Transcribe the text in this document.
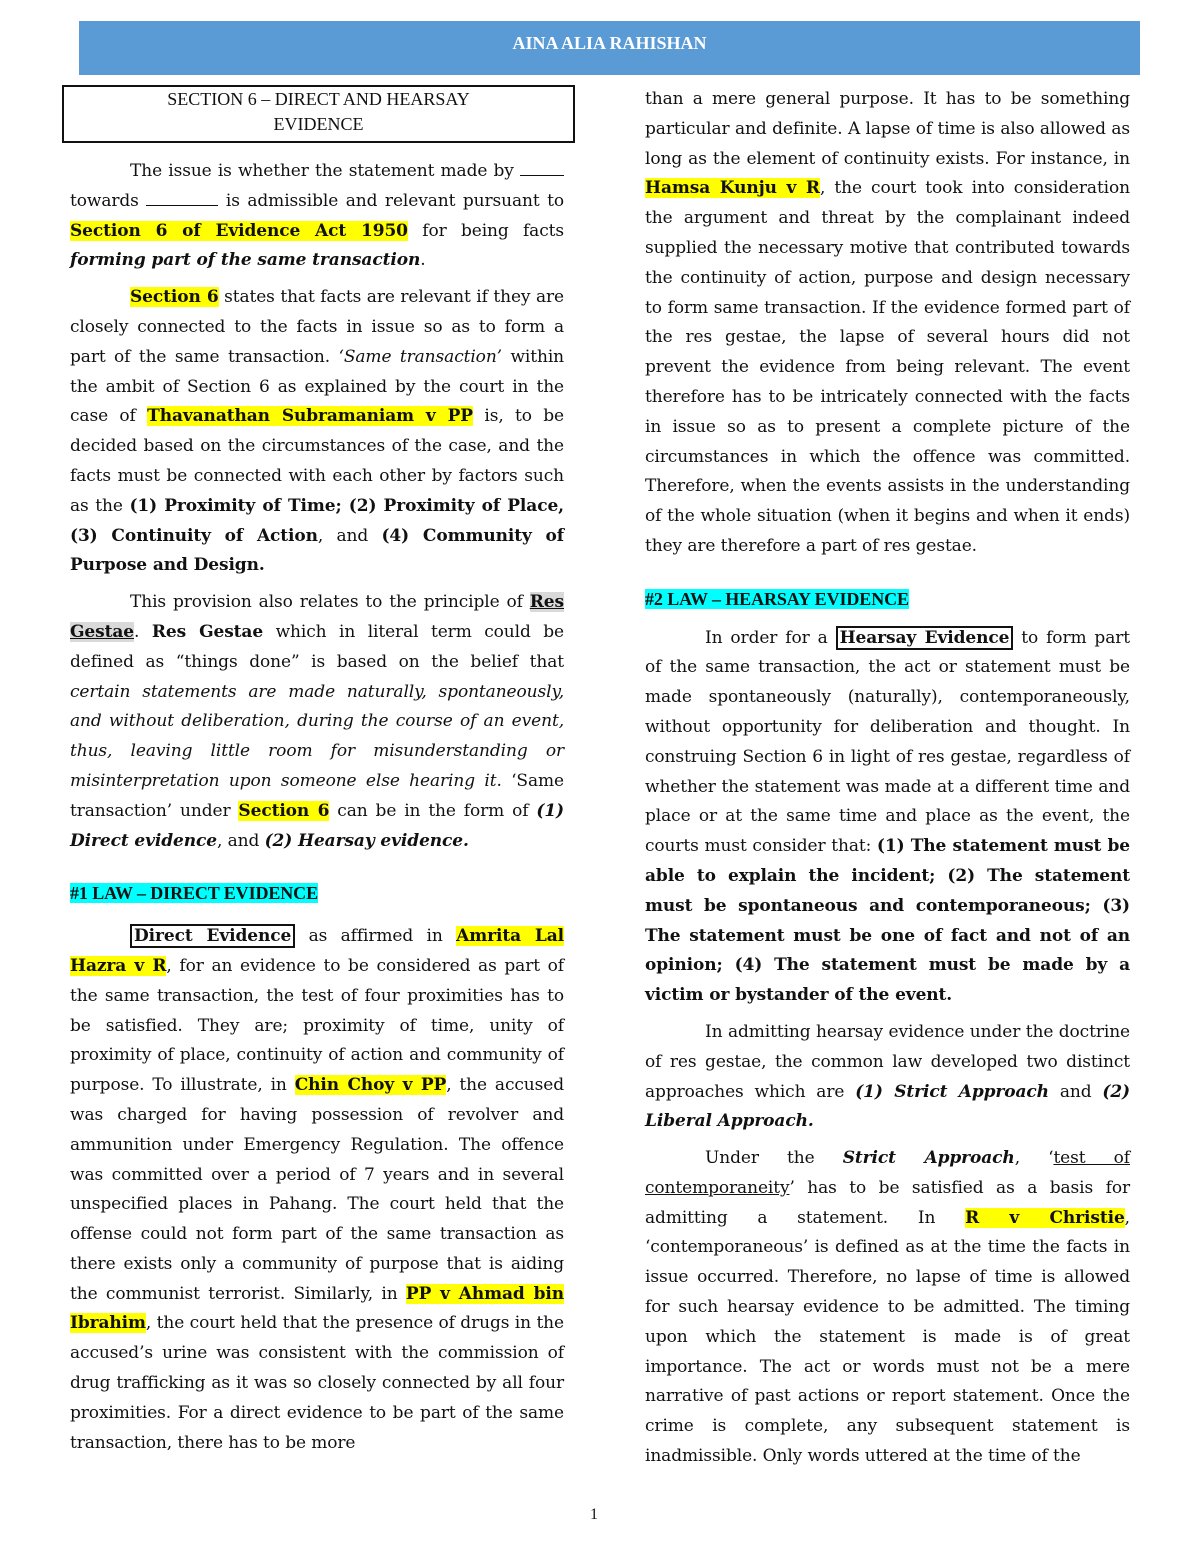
AINA ALIA RAHISHAN
SECTION 6 – DIRECT AND HEARSAY
EVIDENCE

The issue is whether the statement made by  towards	is admissible and relevant pursuant to Section 6 of Evidence Act 1950 for being facts forming part of the same transaction.

Section 6 states that facts are relevant if they are closely connected to the facts in issue so as to form a part of the same transaction. ‘Same transaction’ within the ambit of Section 6 as explained by the court in the case of Thavanathan Subramaniam v PP is, to be decided based on the circumstances of the case, and the facts must be connected with each other by factors such as the (1) Proximity of Time; (2) Proximity of Place, (3) Continuity of Action, and (4) Community of Purpose and Design.

This provision also relates to the principle of Res Gestae. Res Gestae which in literal term could be defined as “things done” is based on the belief that certain statements are made naturally, spontaneously, and without deliberation, during the course of an event, thus, leaving little room for misunderstanding or misinterpretation upon someone else hearing it. ‘Same transaction’ under Section 6 can be in the form of (1) Direct evidence, and (2) Hearsay evidence.

#1 LAW – DIRECT EVIDENCE

Direct Evidence as affirmed in Amrita Lal Hazra v R, for an evidence to be considered as part of the same transaction, the test of four proximities has to be satisfied. They are; proximity of time, unity of proximity of place, continuity of action and community of purpose. To illustrate, in Chin Choy v PP, the accused was charged for having possession of revolver and ammunition under Emergency Regulation. The offence was committed over a period of 7 years and in several unspecified places in Pahang. The court held that the offense could not form part of the same transaction as there exists only a community of purpose that is aiding the communist terrorist. Similarly, in PP v Ahmad bin Ibrahim, the court held that the presence of drugs in the accused’s urine was consistent with the commission of drug trafficking as it was so closely connected by all four proximities. For a direct evidence to be part of the same transaction, there has to be more

than a mere general purpose. It has to be something particular and definite. A lapse of time is also allowed as long as the element of continuity exists. For instance, in Hamsa Kunju v R, the court took into consideration the argument and threat by the complainant indeed supplied the necessary motive that contributed towards the continuity of action, purpose and design necessary to form same transaction. If the evidence formed part of the res gestae, the lapse of several hours did not prevent the evidence from being relevant. The event therefore has to be intricately connected with the facts in issue so as to present a complete picture of the circumstances in which the offence was committed. Therefore, when the events assists in the understanding of the whole situation (when it begins and when it ends) they are therefore a part of res gestae.

#2 LAW – HEARSAY EVIDENCE

In order for a Hearsay Evidence to form part of the same transaction, the act or statement must be made spontaneously (naturally), contemporaneously, without opportunity for deliberation and thought. In construing Section 6 in light of res gestae, regardless of whether the statement was made at a different time and place or at the same time and place as the event, the courts must consider that: (1) The statement must be able to explain the incident; (2) The statement must be spontaneous and contemporaneous; (3) The statement must be one of fact and not of an opinion; (4) The statement must be made by a victim or bystander of the event.

In admitting hearsay evidence under the doctrine of res gestae, the common law developed two distinct approaches which are (1) Strict Approach and (2) Liberal Approach.

Under the Strict Approach, ‘test of contemporaneity’ has to be satisfied as a basis for admitting a statement. In R v Christie, ‘contemporaneous’ is defined as at the time the facts in issue occurred. Therefore, no lapse of time is allowed for such hearsay evidence to be admitted. The timing upon which the statement is made is of great importance. The act or words must not be a mere narrative of past actions or report statement. Once the crime is complete, any subsequent statement is inadmissible. Only words uttered at the time of the

1
